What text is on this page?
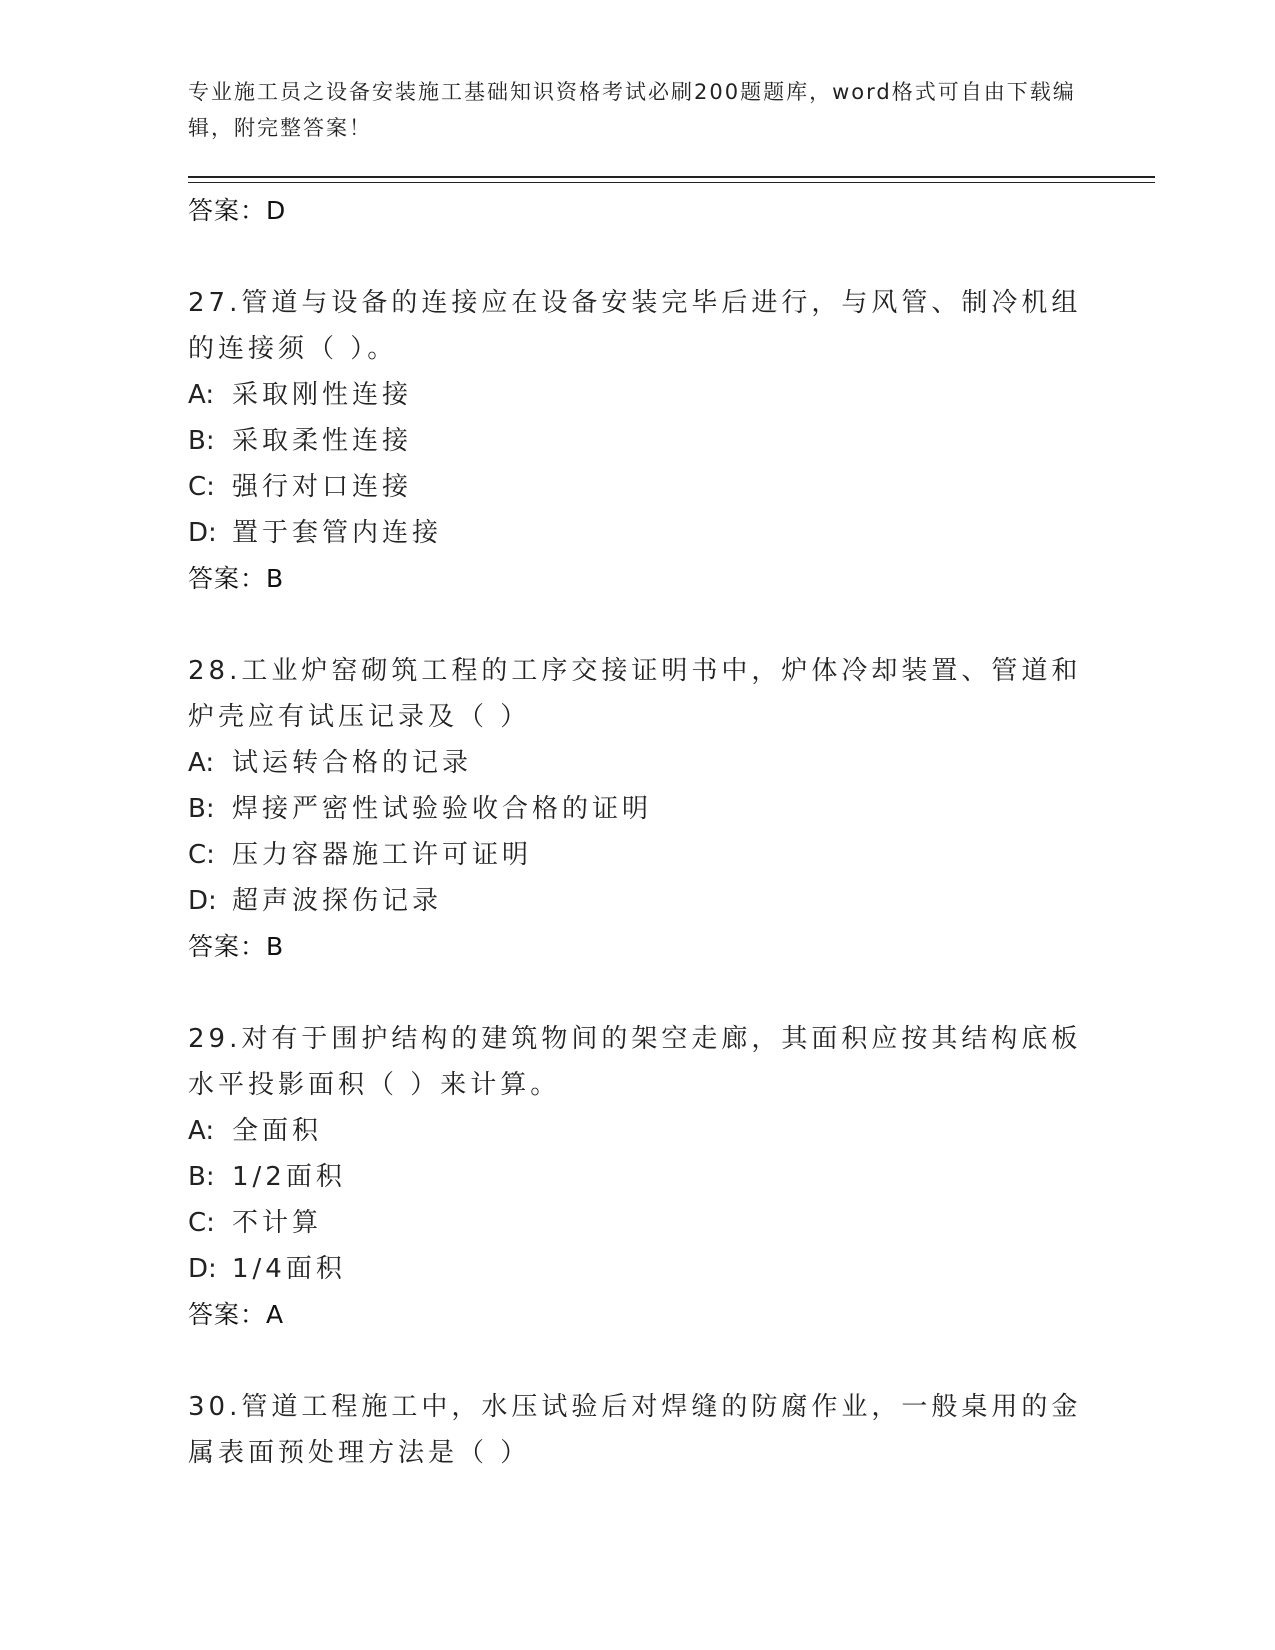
专业施工员之设备安装施工基础知识资格考试必刷200题题库，word格式可自由下载编辑，附完整答案！
答案：D
27.管道与设备的连接应在设备安装完毕后进行，与风管、制冷机组的连接须（ ）。
A: 采取刚性连接
B: 采取柔性连接
C: 强行对口连接
D: 置于套管内连接
答案：B
28.工业炉窑砌筑工程的工序交接证明书中，炉体冷却装置、管道和炉壳应有试压记录及（ ）
A: 试运转合格的记录
B: 焊接严密性试验验收合格的证明
C: 压力容器施工许可证明
D: 超声波探伤记录
答案：B
29.对有于围护结构的建筑物间的架空走廊，其面积应按其结构底板水平投影面积（ ）来计算。
A: 全面积
B: 1/2面积
C: 不计算
D: 1/4面积
答案：A
30.管道工程施工中，水压试验后对焊缝的防腐作业，一般桌用的金属表面预处理方法是（ ）
